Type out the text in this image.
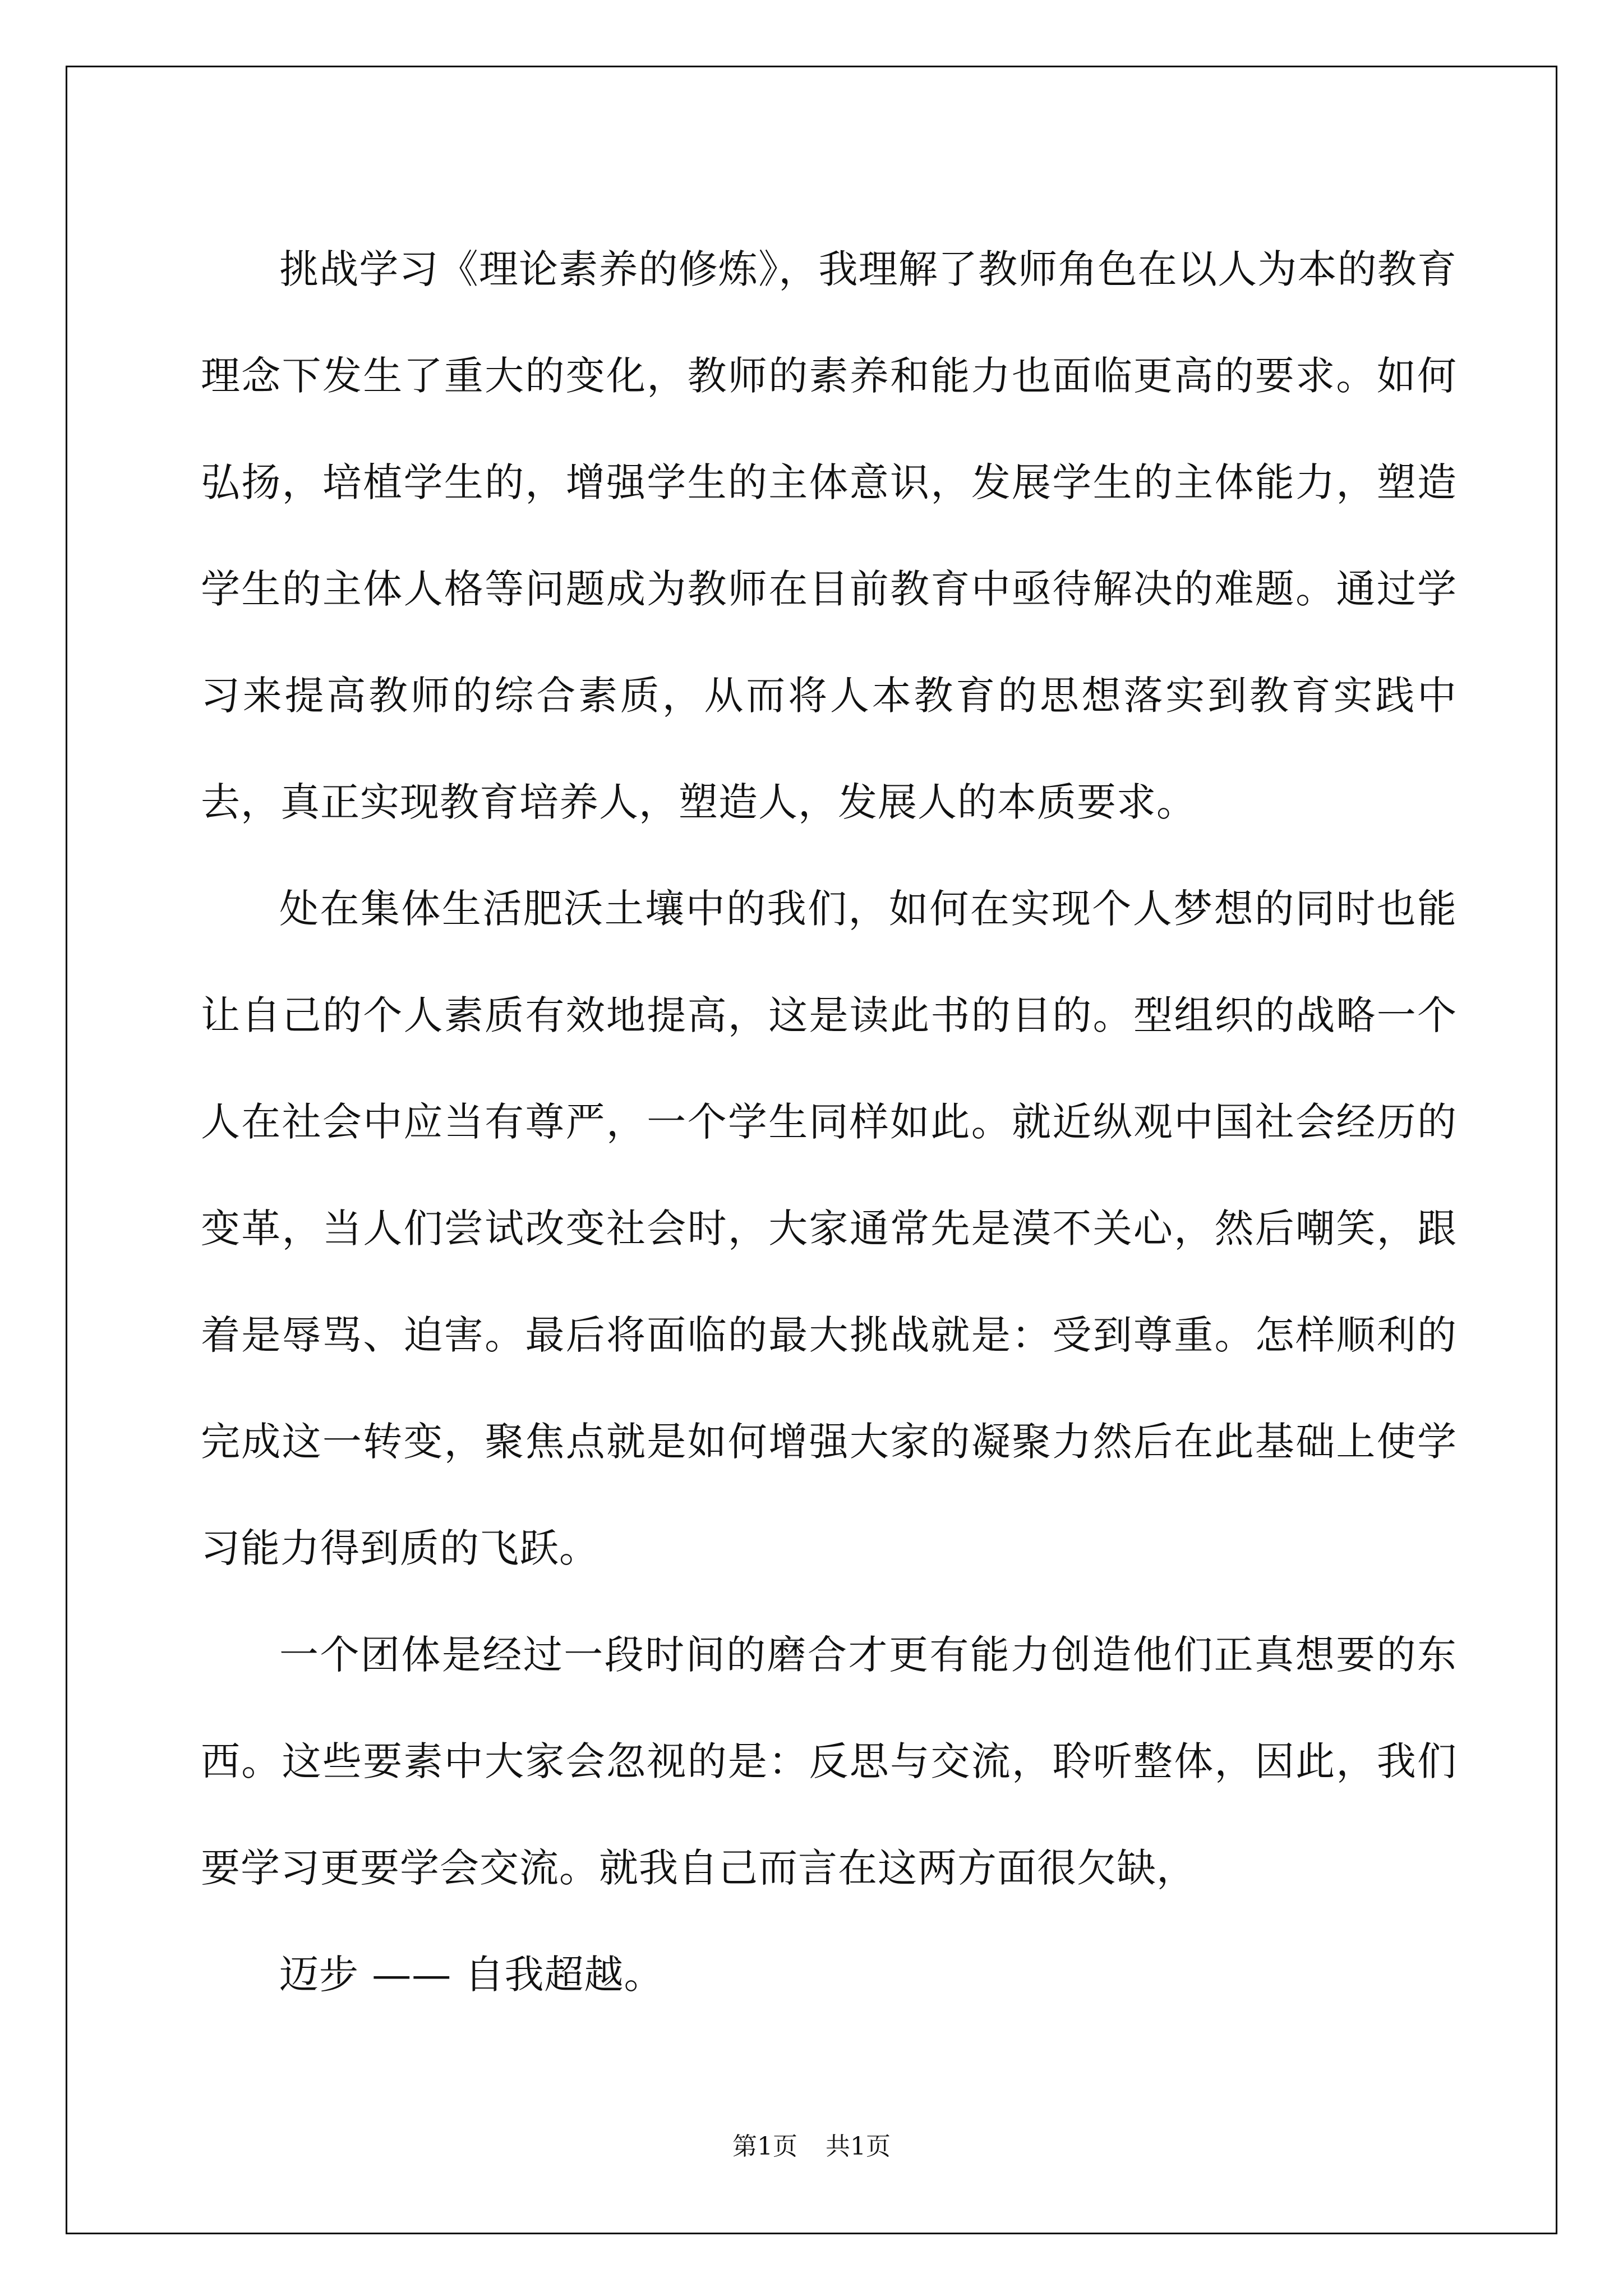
挑战学习《理论素养的修炼》，我理解了教师角色在以人为本的教育理念下发生了重大的变化，教师的素养和能力也面临更高的要求。如何弘扬，培植学生的，增强学生的主体意识，发展学生的主体能力，塑造学生的主体人格等问题成为教师在目前教育中亟待解决的难题。通过学习来提高教师的综合素质，从而将人本教育的思想落实到教育实践中去，真正实现教育培养人，塑造人，发展人的本质要求。

处在集体生活肥沃土壤中的我们，如何在实现个人梦想的同时也能让自己的个人素质有效地提高，这是读此书的目的。型组织的战略一个人在社会中应当有尊严，一个学生同样如此。就近纵观中国社会经历的变革，当人们尝试改变社会时，大家通常先是漠不关心，然后嘲笑，跟着是辱骂、迫害。最后将面临的最大挑战就是：受到尊重。怎样顺利的完成这一转变，聚焦点就是如何增强大家的凝聚力然后在此基础上使学习能力得到质的飞跃。

一个团体是经过一段时间的磨合才更有能力创造他们正真想要的东西。这些要素中大家会忽视的是：反思与交流，聆听整体，因此，我们要学习更要学会交流。就我自己而言在这两方面很欠缺，

迈步 —— 自我超越。

第1页 共1页
